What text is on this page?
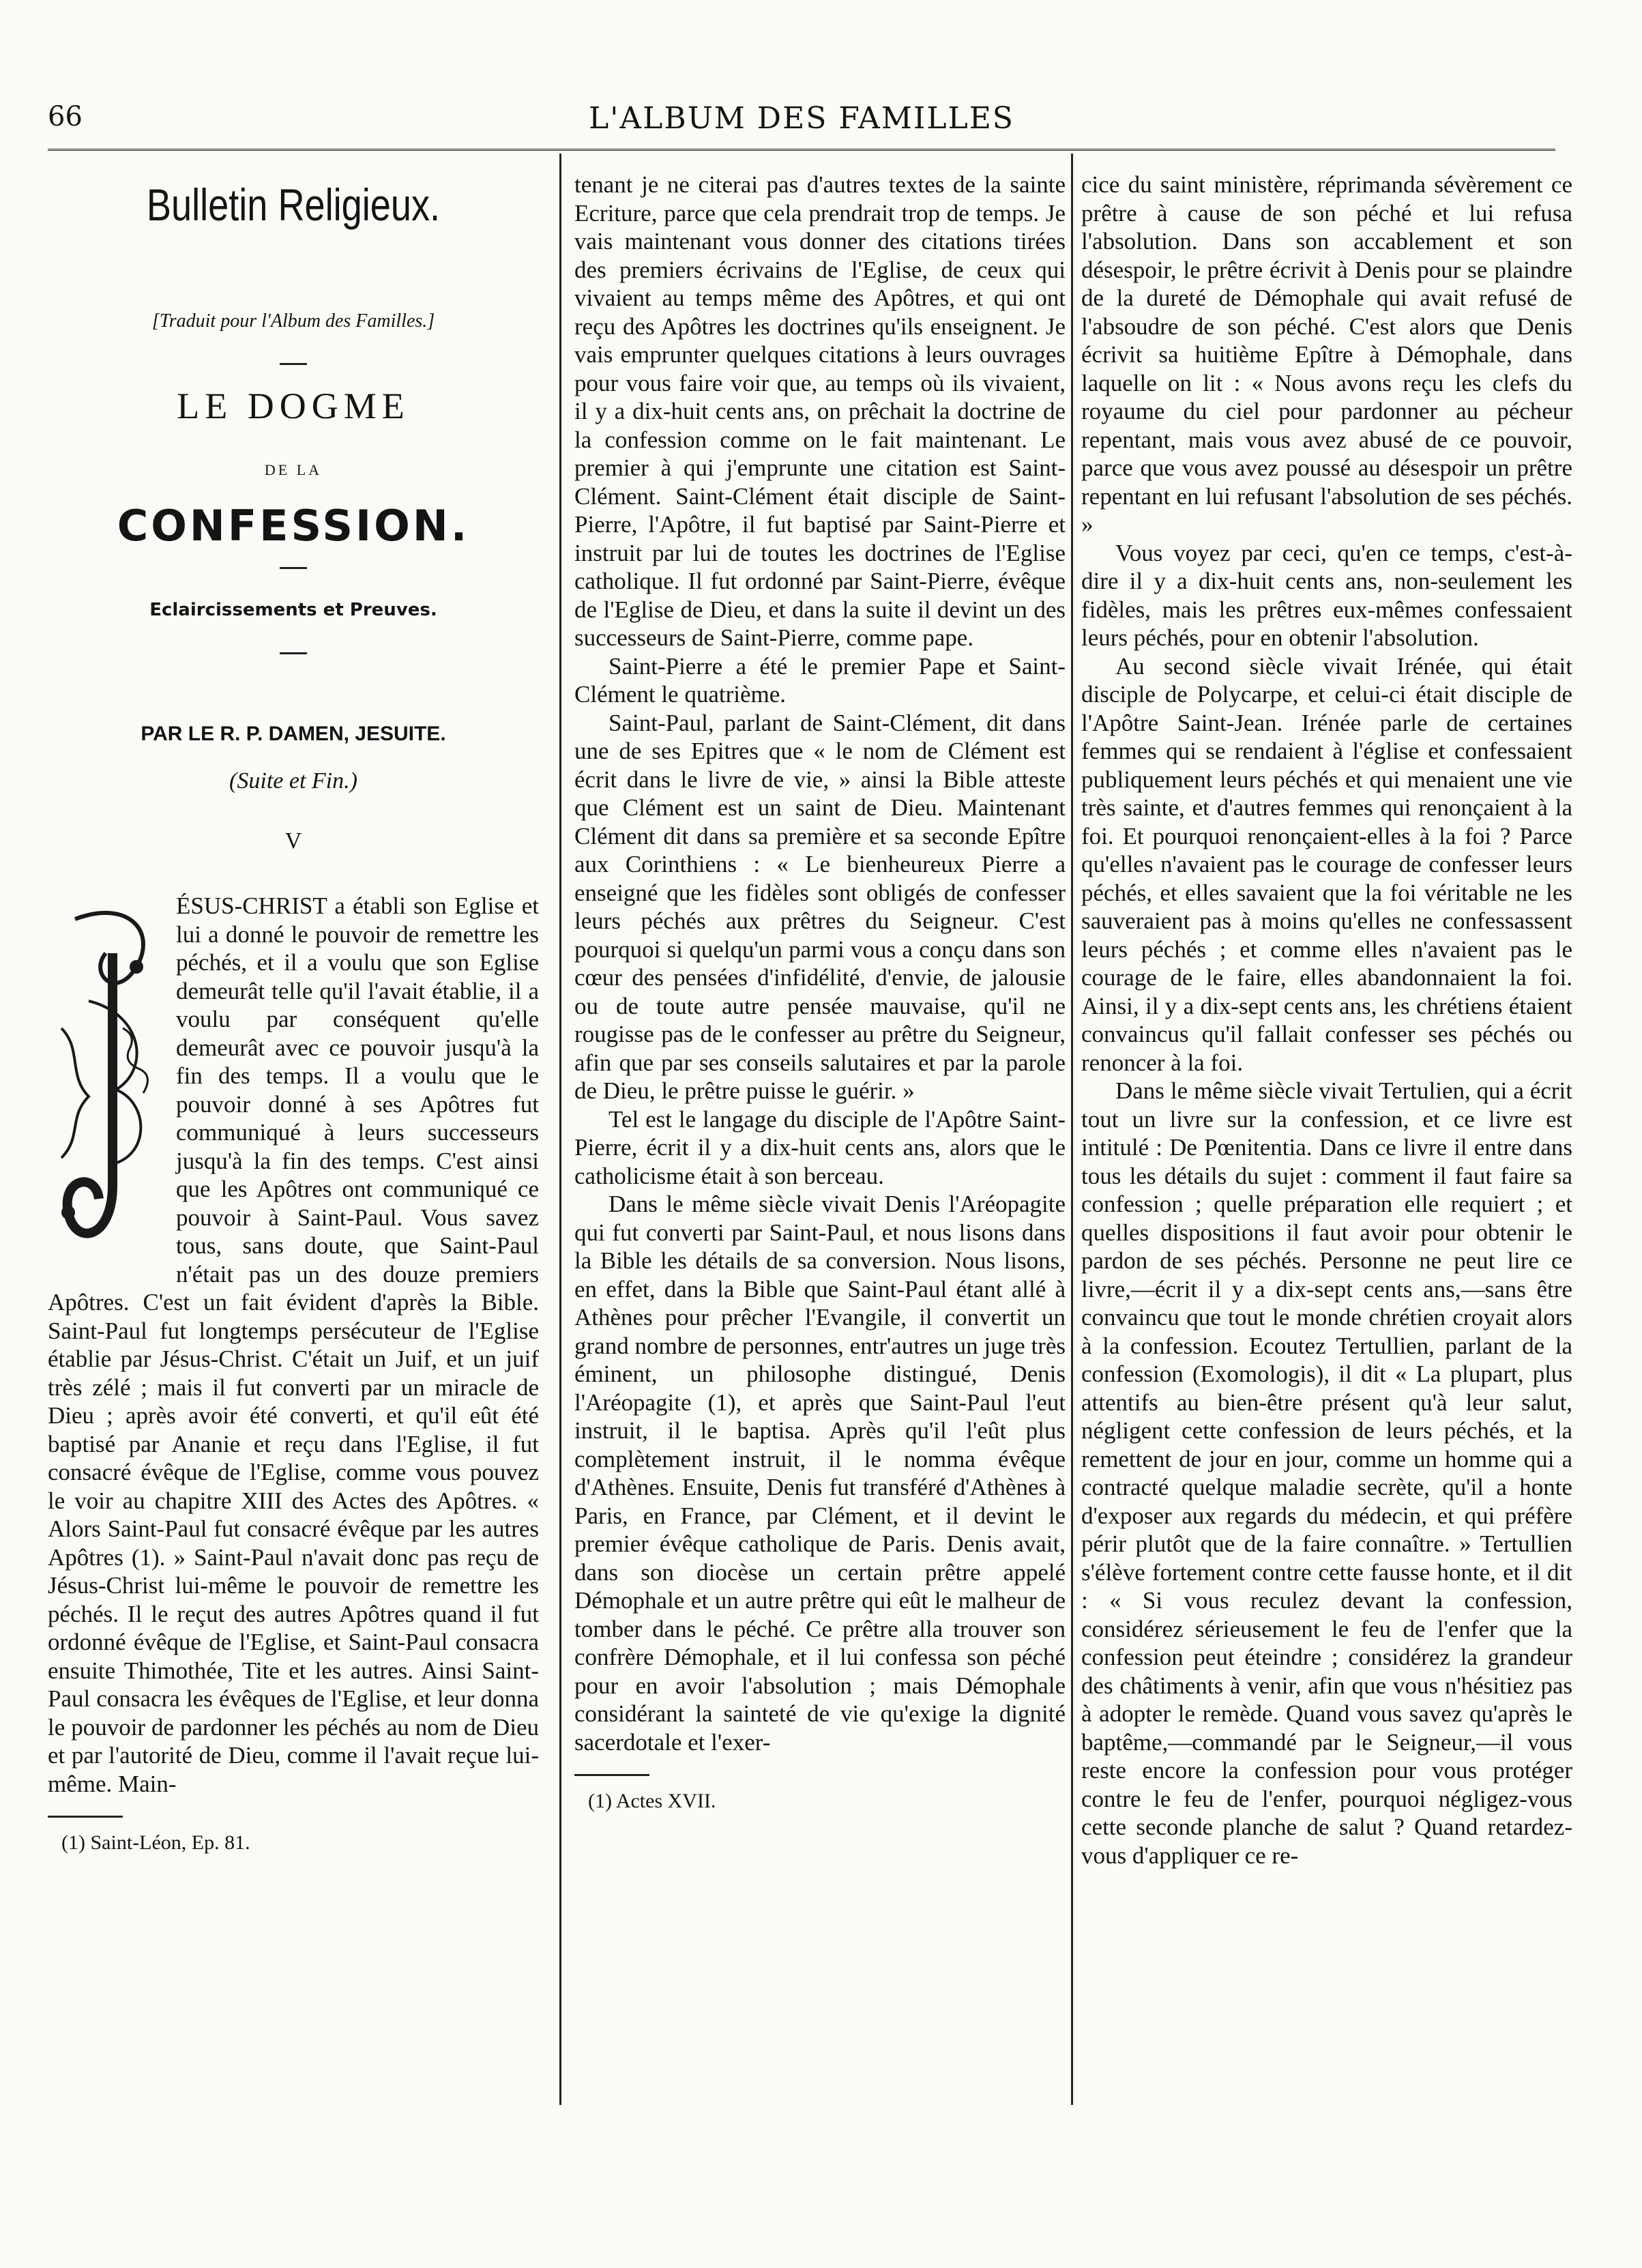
66	L'ALBUM DES FAMILLES
Bulletin Religieux.
[Traduit pour l'Album des Familles.]
LE DOGME
DE LA
CONFESSION.
Eclaircissements et Preuves.
PAR LE R. P. DAMEN, JESUITE.
(Suite et Fin.)
V

ÉSUS-CHRIST a établi son Eglise et lui a donné le pouvoir de remettre les péchés, et il a voulu que son Eglise demeurât telle qu'il l'avait établie, il a voulu par conséquent qu'elle demeurât avec ce pouvoir jusqu'à la fin des temps. Il a voulu que le pouvoir donné à ses Apôtres fut communiqué à leurs successeurs jusqu'à la fin des temps. C'est ainsi que les Apôtres ont communiqué ce pouvoir à Saint-Paul. Vous savez tous, sans doute, que Saint-Paul n'était pas un des douze premiers Apôtres. C'est un fait évident d'après la Bible. Saint-Paul fut longtemps persécuteur de l'Eglise établie par Jésus-Christ. C'était un Juif, et un juif très zélé ; mais il fut converti par un miracle de Dieu ; après avoir été converti, et qu'il eût été baptisé par Ananie et reçu dans l'Eglise, il fut consacré évêque de l'Eglise, comme vous pouvez le voir au chapitre XIII des Actes des Apôtres. « Alors Saint-Paul fut consacré évêque par les autres Apôtres (1). » Saint-Paul n'avait donc pas reçu de Jésus-Christ lui-même le pouvoir de remettre les péchés. Il le reçut des autres Apôtres quand il fut ordonné évêque de l'Eglise, et Saint-Paul consacra ensuite Thimothée, Tite et les autres. Ainsi Saint-Paul consacra les évêques de l'Eglise, et leur donna le pouvoir de pardonner les péchés au nom de Dieu et par l'autorité de Dieu, comme il l'avait reçue lui-même. Main-

(1) Saint-Léon, Ep. 81.

tenant je ne citerai pas d'autres textes de la sainte Ecriture, parce que cela prendrait trop de temps. Je vais maintenant vous donner des citations tirées des premiers écrivains de l'Eglise, de ceux qui vivaient au temps même des Apôtres, et qui ont reçu des Apôtres les doctrines qu'ils enseignent. Je vais emprunter quelques citations à leurs ouvrages pour vous faire voir que, au temps où ils vivaient, il y a dix-huit cents ans, on prêchait la doctrine de la confession comme on le fait maintenant. Le premier à qui j'emprunte une citation est Saint-Clément. Saint-Clément était disciple de Saint-Pierre, l'Apôtre, il fut baptisé par Saint-Pierre et instruit par lui de toutes les doctrines de l'Eglise catholique. Il fut ordonné par Saint-Pierre, évêque de l'Eglise de Dieu, et dans la suite il devint un des successeurs de Saint-Pierre, comme pape.

Saint-Pierre a été le premier Pape et Saint-Clément le quatrième.

Saint-Paul, parlant de Saint-Clément, dit dans une de ses Epitres que « le nom de Clément est écrit dans le livre de vie, » ainsi la Bible atteste que Clément est un saint de Dieu. Maintenant Clément dit dans sa première et sa seconde Epître aux Corinthiens : « Le bienheureux Pierre a enseigné que les fidèles sont obligés de confesser leurs péchés aux prêtres du Seigneur. C'est pourquoi si quelqu'un parmi vous a conçu dans son cœur des pensées d'infidélité, d'envie, de jalousie ou de toute autre pensée mauvaise, qu'il ne rougisse pas de le confesser au prêtre du Seigneur, afin que par ses conseils salutaires et par la parole de Dieu, le prêtre puisse le guérir. »

Tel est le langage du disciple de l'Apôtre Saint-Pierre, écrit il y a dix-huit cents ans, alors que le catholicisme était à son berceau.

Dans le même siècle vivait Denis l'Aréopagite qui fut converti par Saint-Paul, et nous lisons dans la Bible les détails de sa conversion. Nous lisons, en effet, dans la Bible que Saint-Paul étant allé à Athènes pour prêcher l'Evangile, il convertit un grand nombre de personnes, entr'autres un juge très éminent, un philosophe distingué, Denis l'Aréopagite (1), et après que Saint-Paul l'eut instruit, il le baptisa. Après qu'il l'eût plus complètement instruit, il le nomma évêque d'Athènes. Ensuite, Denis fut transféré d'Athènes à Paris, en France, par Clément, et il devint le premier évêque catholique de Paris. Denis avait, dans son diocèse un certain prêtre appelé Démophale et un autre prêtre qui eût le malheur de tomber dans le péché. Ce prêtre alla trouver son confrère Démophale, et il lui confessa son péché pour en avoir l'absolution ; mais Démophale considérant la sainteté de vie qu'exige la dignité sacerdotale et l'exer-

(1) Actes XVII.

cice du saint ministère, réprimanda sévèrement ce prêtre à cause de son péché et lui refusa l'absolution. Dans son accablement et son désespoir, le prêtre écrivit à Denis pour se plaindre de la dureté de Démophale qui avait refusé de l'absoudre de son péché. C'est alors que Denis écrivit sa huitième Epître à Démophale, dans laquelle on lit : « Nous avons reçu les clefs du royaume du ciel pour pardonner au pécheur repentant, mais vous avez abusé de ce pouvoir, parce que vous avez poussé au désespoir un prêtre repentant en lui refusant l'absolution de ses péchés. »

Vous voyez par ceci, qu'en ce temps, c'est-à-dire il y a dix-huit cents ans, non-seulement les fidèles, mais les prêtres eux-mêmes confessaient leurs péchés, pour en obtenir l'absolution.

Au second siècle vivait Irénée, qui était disciple de Polycarpe, et celui-ci était disciple de l'Apôtre Saint-Jean. Irénée parle de certaines femmes qui se rendaient à l'église et confessaient publiquement leurs péchés et qui menaient une vie très sainte, et d'autres femmes qui renonçaient à la foi. Et pourquoi renonçaient-elles à la foi ? Parce qu'elles n'avaient pas le courage de confesser leurs péchés, et elles savaient que la foi véritable ne les sauveraient pas à moins qu'elles ne confessassent leurs péchés ; et comme elles n'avaient pas le courage de le faire, elles abandonnaient la foi. Ainsi, il y a dix-sept cents ans, les chrétiens étaient convaincus qu'il fallait confesser ses péchés ou renoncer à la foi.

Dans le même siècle vivait Tertulien, qui a écrit tout un livre sur la confession, et ce livre est intitulé : De Pœnitentia. Dans ce livre il entre dans tous les détails du sujet : comment il faut faire sa confession ; quelle préparation elle requiert ; et quelles dispositions il faut avoir pour obtenir le pardon de ses péchés. Personne ne peut lire ce livre,—écrit il y a dix-sept cents ans,—sans être convaincu que tout le monde chrétien croyait alors à la confession. Ecoutez Tertullien, parlant de la confession (Exomologis), il dit « La plupart, plus attentifs au bien-être présent qu'à leur salut, négligent cette confession de leurs péchés, et la remettent de jour en jour, comme un homme qui a contracté quelque maladie secrète, qu'il a honte d'exposer aux regards du médecin, et qui préfère périr plutôt que de la faire connaître. » Tertullien s'élève fortement contre cette fausse honte, et il dit : « Si vous reculez devant la confession, considérez sérieusement le feu de l'enfer que la confession peut éteindre ; considérez la grandeur des châtiments à venir, afin que vous n'hésitiez pas à adopter le remède. Quand vous savez qu'après le baptême,—commandé par le Seigneur,—il vous reste encore la confession pour vous protéger contre le feu de l'enfer, pourquoi négligez-vous cette seconde planche de salut ? Quand retardez-vous d'appliquer ce re-
